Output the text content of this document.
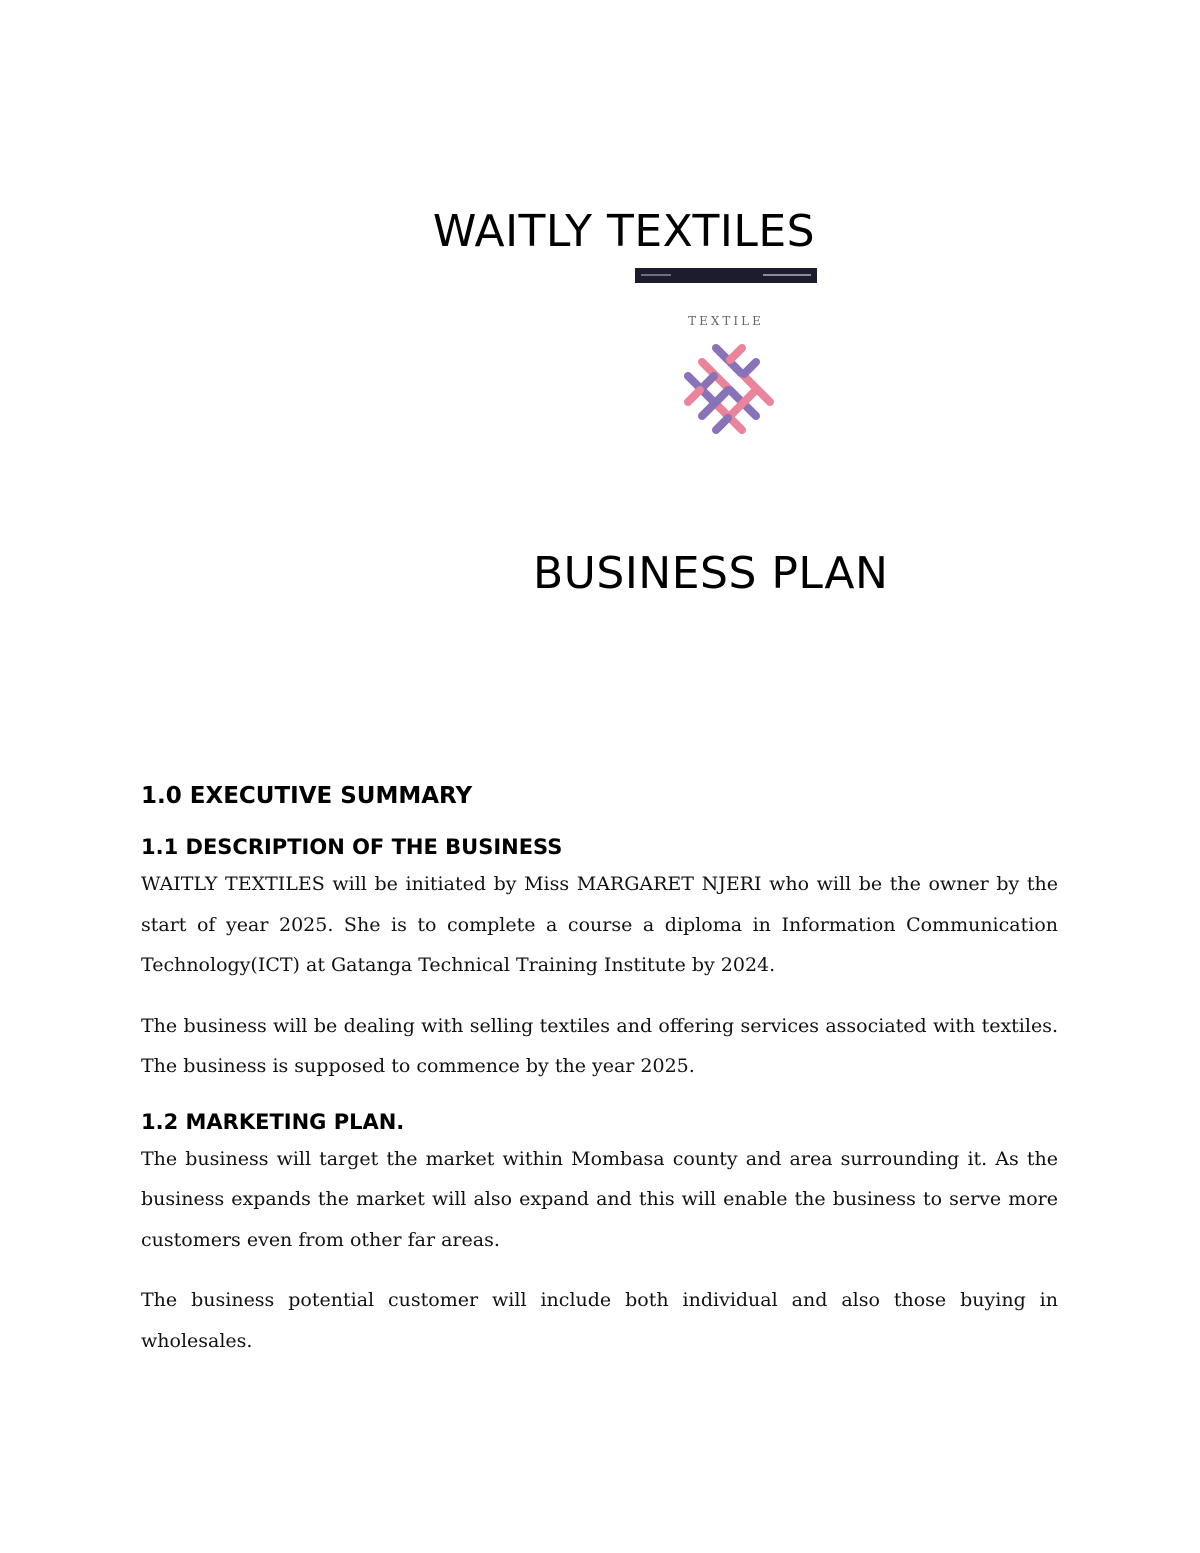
WAITLY TEXTILES
TEXTILE
BUSINESS PLAN
1.0 EXECUTIVE SUMMARY
1.1 DESCRIPTION OF THE BUSINESS

WAITLY TEXTILES will be initiated by Miss MARGARET NJERI who will be the owner by the start of year 2025. She is to complete a course a diploma in Information Communication Technology(ICT) at Gatanga Technical Training Institute by 2024.

The business will be dealing with selling textiles and offering services associated with textiles. The business is supposed to commence by the year 2025.

1.2 MARKETING PLAN.

The business will target the market within Mombasa county and area surrounding it. As the business expands the market will also expand and this will enable the business to serve more customers even from other far areas.

The business potential customer will include both individual and also those buying in wholesales.
